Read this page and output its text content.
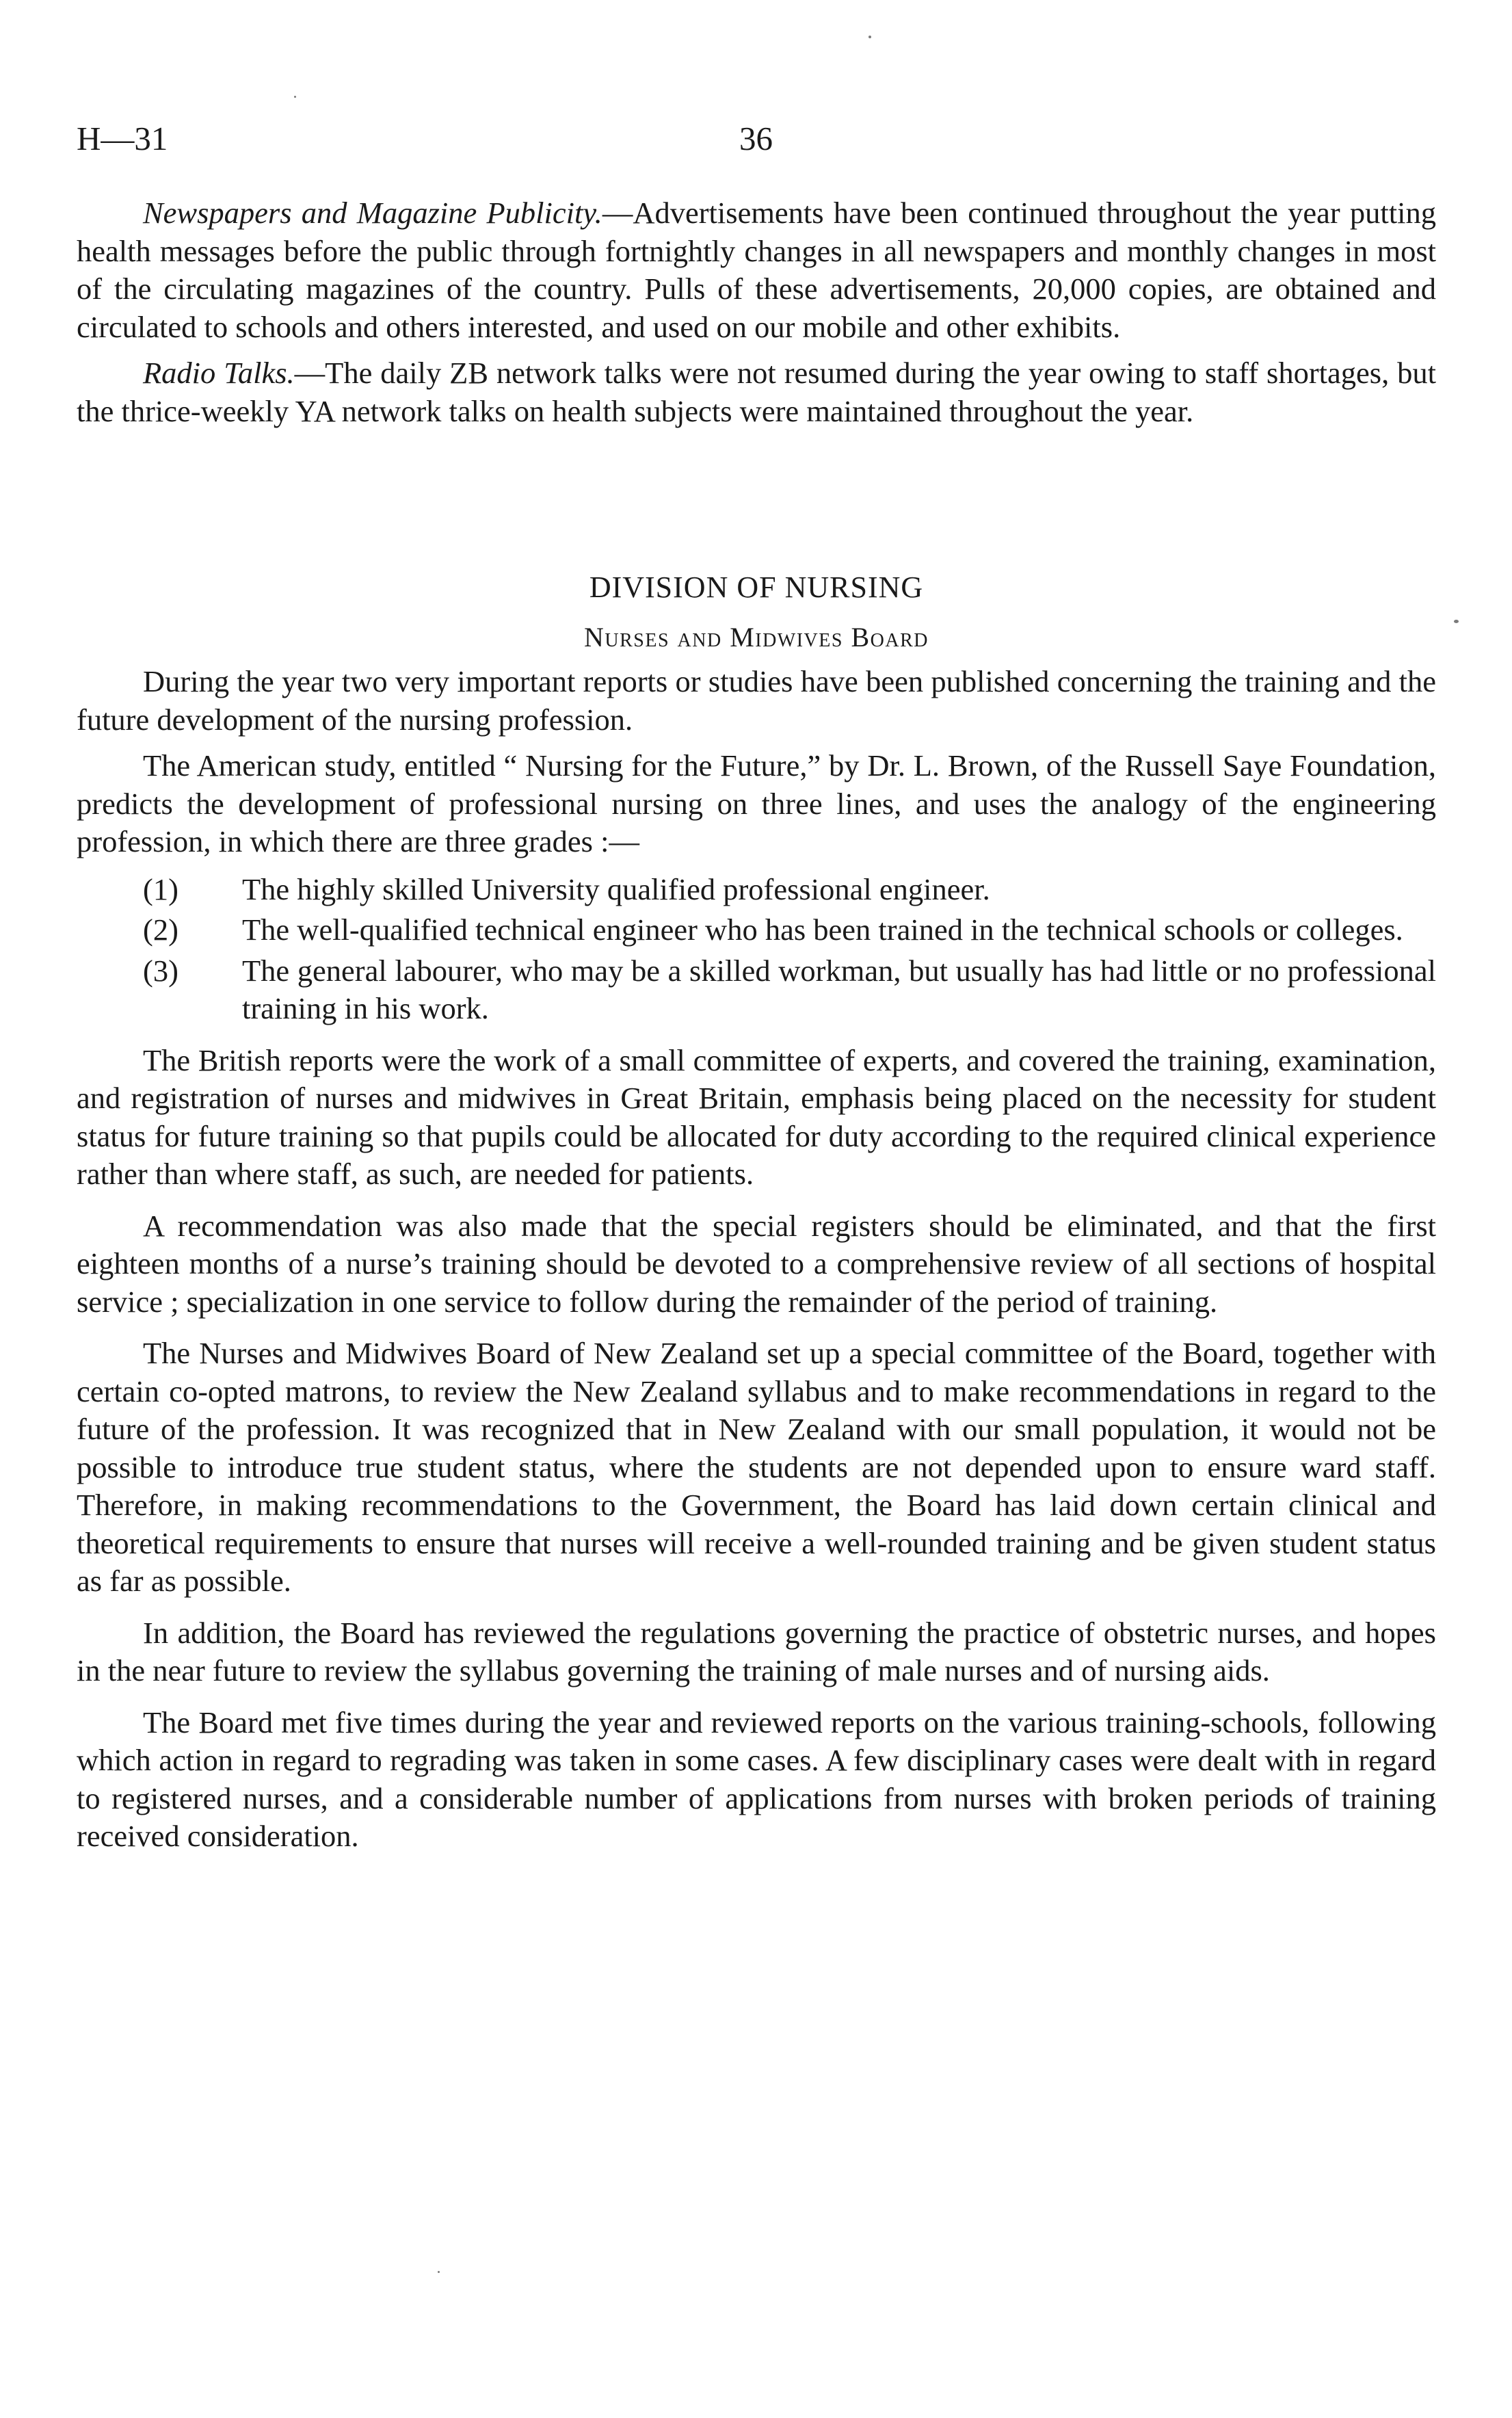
H—31	36

Newspapers and Magazine Publicity.—Advertisements have been continued throughout the year putting health messages before the public through fortnightly changes in all newspapers and monthly changes in most of the circulating magazines of the country. Pulls of these advertisements, 20,000 copies, are obtained and circulated to schools and others interested, and used on our mobile and other exhibits.

Radio Talks.—The daily ZB network talks were not resumed during the year owing to staff shortages, but the thrice-weekly YA network talks on health subjects were maintained throughout the year.

DIVISION OF NURSING

Nurses and Midwives Board

During the year two very important reports or studies have been published concerning the training and the future development of the nursing profession.

The American study, entitled “ Nursing for the Future,” by Dr. L. Brown, of the Russell Saye Foundation, predicts the development of professional nursing on three lines, and uses the analogy of the engineering profession, in which there are three grades :—

(1) The highly skilled University qualified professional engineer.
(2) The well-qualified technical engineer who has been trained in the technical schools or colleges.
(3) The general labourer, who may be a skilled workman, but usually has had little or no professional training in his work.

The British reports were the work of a small committee of experts, and covered the training, examination, and registration of nurses and midwives in Great Britain, emphasis being placed on the necessity for student status for future training so that pupils could be allocated for duty according to the required clinical experience rather than where staff, as such, are needed for patients.

A recommendation was also made that the special registers should be eliminated, and that the first eighteen months of a nurse’s training should be devoted to a comprehensive review of all sections of hospital service ; specialization in one service to follow during the remainder of the period of training.

The Nurses and Midwives Board of New Zealand set up a special committee of the Board, together with certain co-opted matrons, to review the New Zealand syllabus and to make recommendations in regard to the future of the profession. It was recognized that in New Zealand with our small population, it would not be possible to introduce true student status, where the students are not depended upon to ensure ward staff. Therefore, in making recommendations to the Government, the Board has laid down certain clinical and theoretical requirements to ensure that nurses will receive a well-rounded training and be given student status as far as possible.

In addition, the Board has reviewed the regulations governing the practice of obstetric nurses, and hopes in the near future to review the syllabus governing the training of male nurses and of nursing aids.

The Board met five times during the year and reviewed reports on the various training-schools, following which action in regard to regrading was taken in some cases. A few disciplinary cases were dealt with in regard to registered nurses, and a considerable number of applications from nurses with broken periods of training received consideration.
